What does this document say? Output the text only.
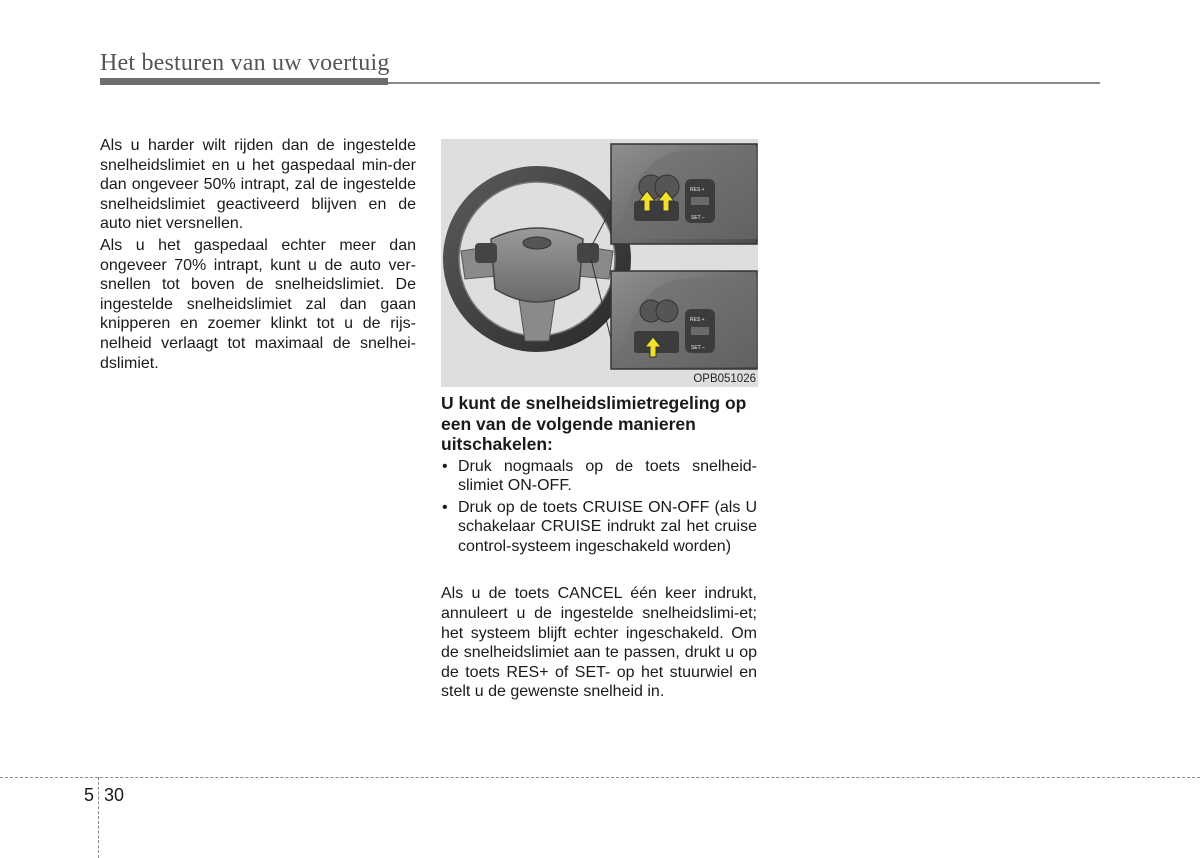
Het besturen van uw voertuig

Als u harder wilt rijden dan de ingestelde snelheidslimiet en u het gaspedaal min-der dan ongeveer 50% intrapt, zal de ingestelde snelheidslimiet geactiveerd blijven en de auto niet versnellen.

Als u het gaspedaal echter meer dan ongeveer 70% intrapt, kunt u de auto ver-snellen tot boven de snelheidslimiet. De ingestelde snelheidslimiet zal dan gaan knipperen en zoemer klinkt tot u de rijs-nelheid verlaagt tot maximaal de snelhei-dslimiet.

RES +
SET –
RES +
SET –
OPB051026

U kunt de snelheidslimietregeling op een van de volgende manieren uitschakelen:

• Druk nogmaals op de toets snelheid-slimiet ON-OFF.
• Druk op de toets CRUISE ON-OFF (als U schakelaar CRUISE indrukt zal het cruise control-systeem ingeschakeld worden)

Als u de toets CANCEL één keer indrukt, annuleert u de ingestelde snelheidslimi-et; het systeem blijft echter ingeschakeld. Om de snelheidslimiet aan te passen, drukt u op de toets RES+ of SET- op het stuurwiel en stelt u de gewenste snelheid in.

5 30
